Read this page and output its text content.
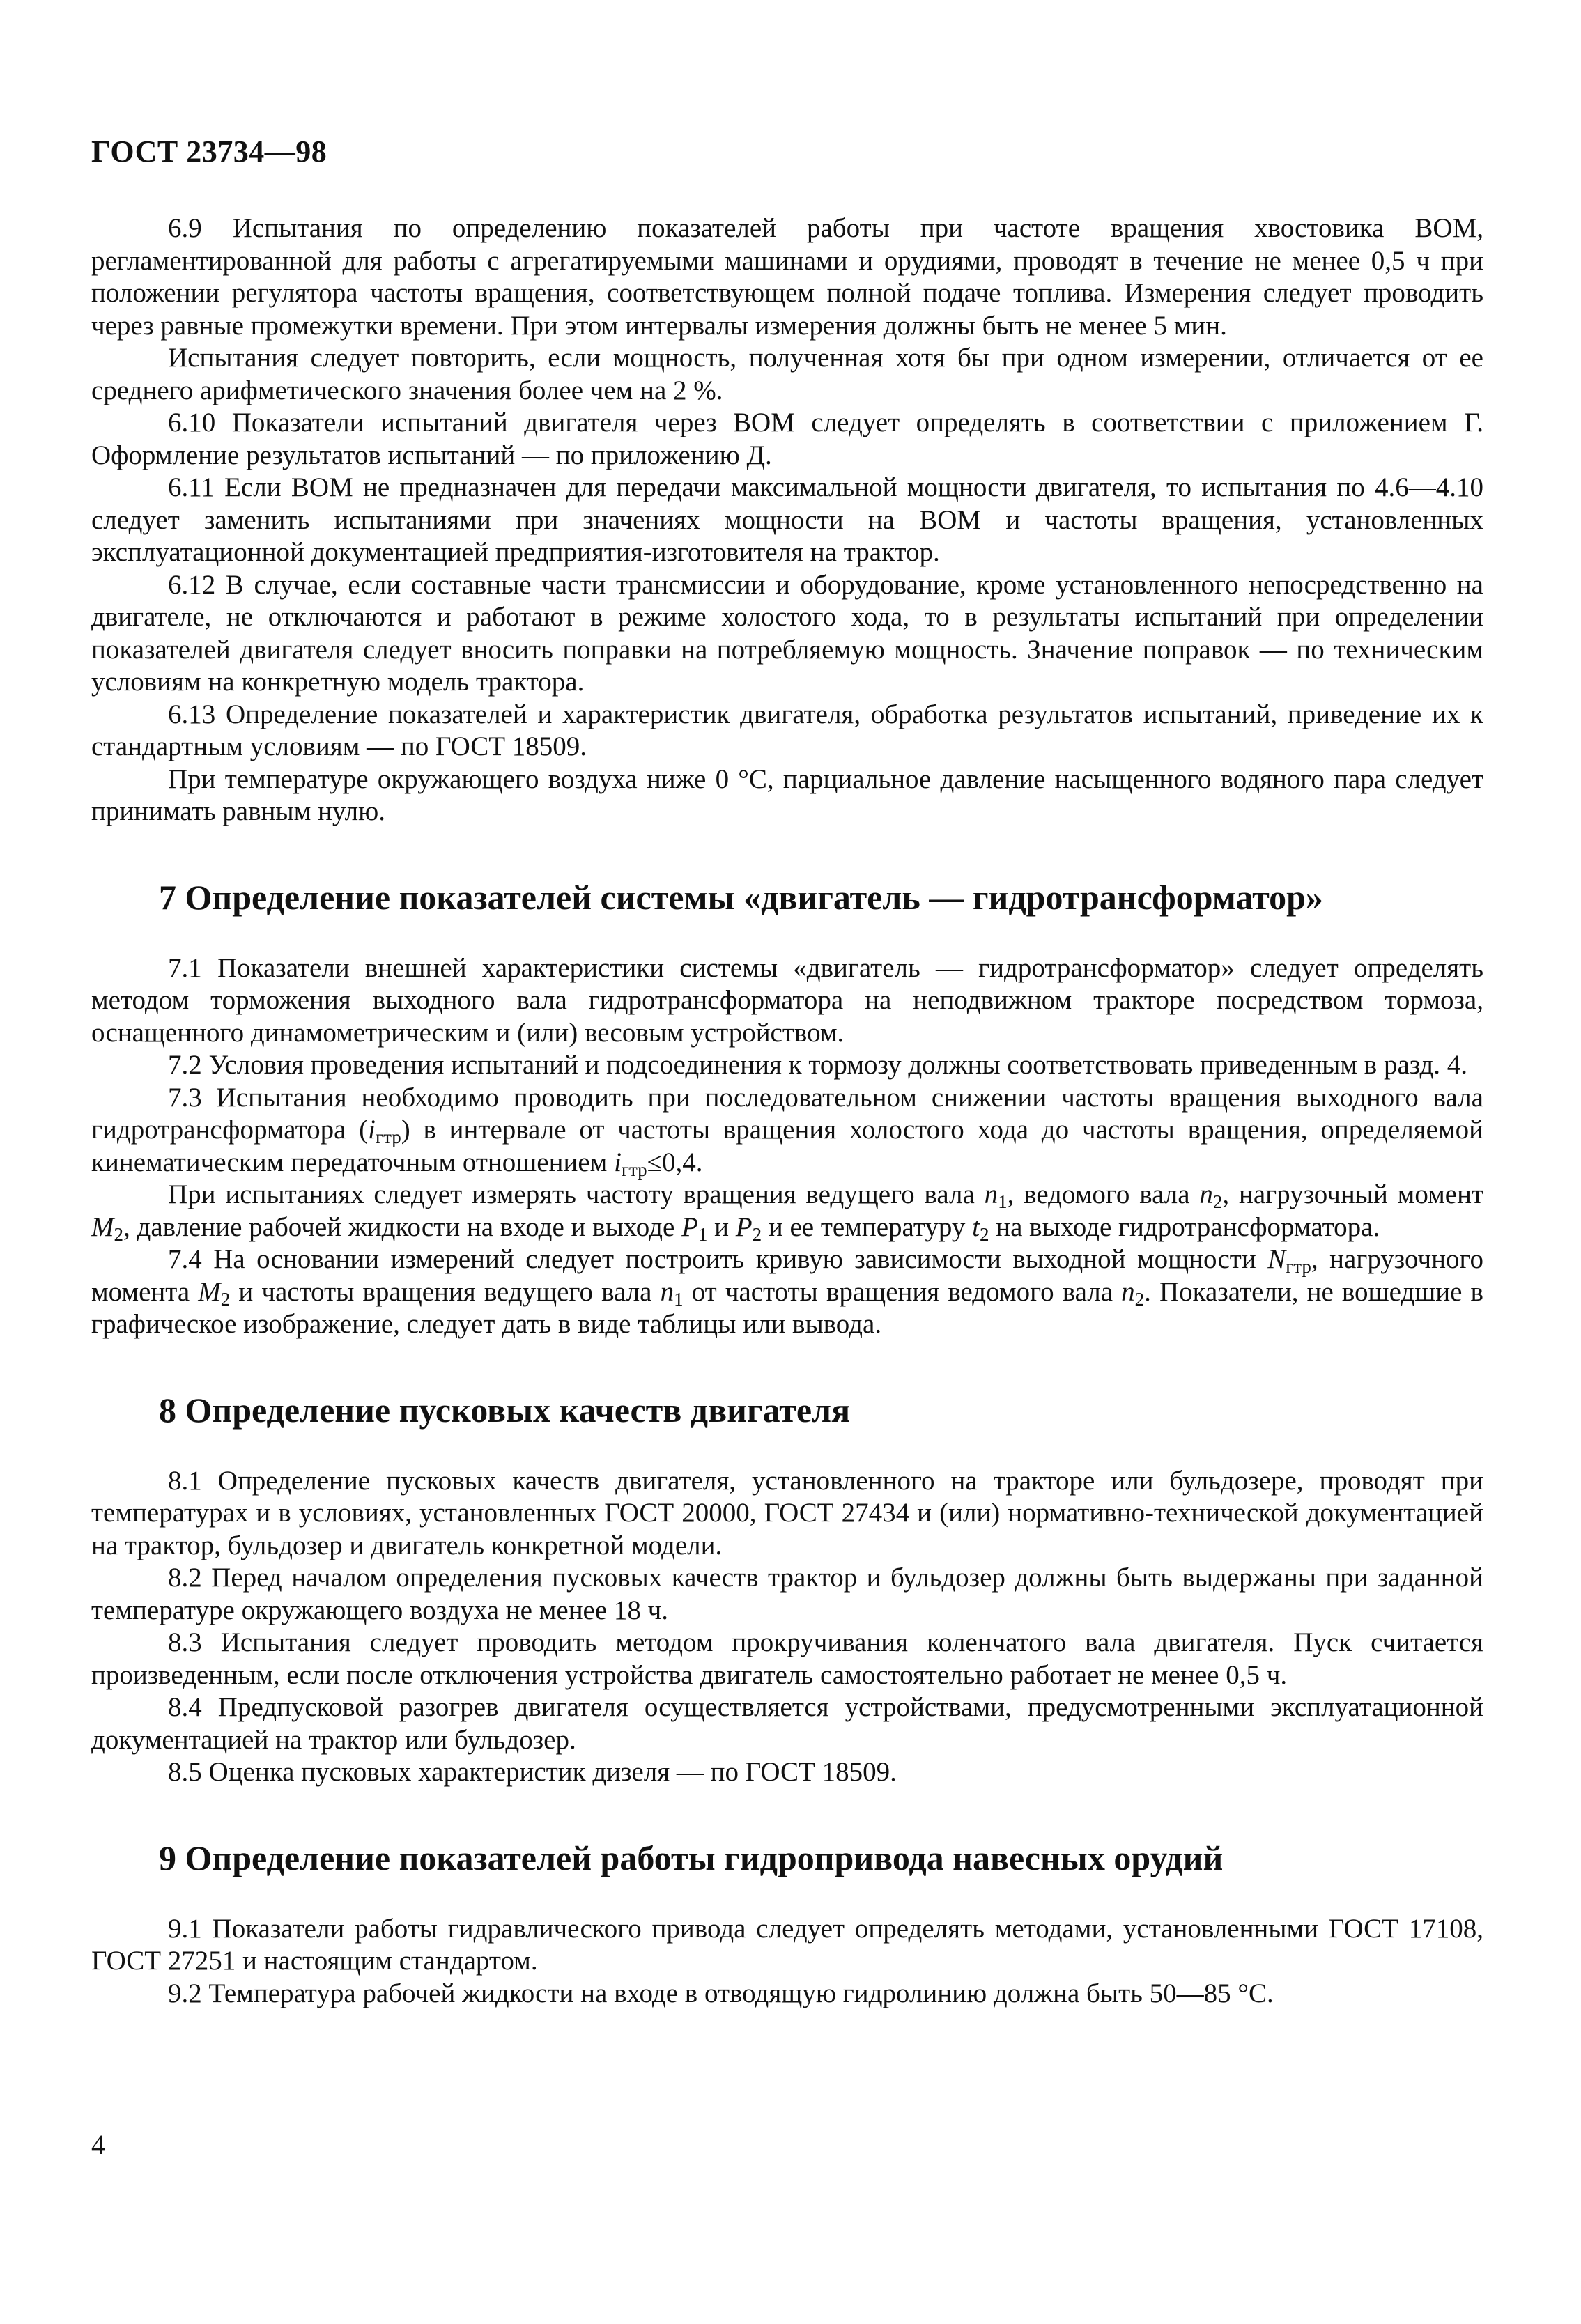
ГОСТ 23734—98

6.9 Испытания по определению показателей работы при частоте вращения хвостовика ВОМ, регламентированной для работы с агрегатируемыми машинами и орудиями, проводят в течение не менее 0,5 ч при положении регулятора частоты вращения, соответствующем полной подаче топлива. Измерения следует проводить через равные промежутки времени. При этом интервалы измерения должны быть не менее 5 мин.

Испытания следует повторить, если мощность, полученная хотя бы при одном измерении, отличается от ее среднего арифметического значения более чем на 2 %.

6.10 Показатели испытаний двигателя через ВОМ следует определять в соответствии с приложением Г. Оформление результатов испытаний — по приложению Д.

6.11 Если ВОМ не предназначен для передачи максимальной мощности двигателя, то испытания по 4.6—4.10 следует заменить испытаниями при значениях мощности на ВОМ и частоты вращения, установленных эксплуатационной документацией предприятия-изготовителя на трактор.

6.12 В случае, если составные части трансмиссии и оборудование, кроме установленного непосредственно на двигателе, не отключаются и работают в режиме холостого хода, то в результаты испытаний при определении показателей двигателя следует вносить поправки на потребляемую мощность. Значение поправок — по техническим условиям на конкретную модель трактора.

6.13 Определение показателей и характеристик двигателя, обработка результатов испытаний, приведение их к стандартным условиям — по ГОСТ 18509.

При температуре окружающего воздуха ниже 0 °С, парциальное давление насыщенного водяного пара следует принимать равным нулю.

7 Определение показателей системы «двигатель — гидротрансформатор»

7.1 Показатели внешней характеристики системы «двигатель — гидротрансформатор» следует определять методом торможения выходного вала гидротрансформатора на неподвижном тракторе посредством тормоза, оснащенного динамометрическим и (или) весовым устройством.

7.2 Условия проведения испытаний и подсоединения к тормозу должны соответствовать приведенным в разд. 4.

7.3 Испытания необходимо проводить при последовательном снижении частоты вращения выходного вала гидротрансформатора $(i_{гтр})$ в интервале от частоты вращения холостого хода до частоты вращения, определяемой кинематическим передаточным отношением $i_{гтр}\le 0,4$.

При испытаниях следует измерять частоту вращения ведущего вала $n_1$, ведомого вала $n_2$, нагрузочный момент $M_2$, давление рабочей жидкости на входе и выходе $P_1$ и $P_2$ и ее температуру $t_2$ на выходе гидротрансформатора.

7.4 На основании измерений следует построить кривую зависимости выходной мощности $N_{гтр}$, нагрузочного момента $M_2$ и частоты вращения ведущего вала $n_1$ от частоты вращения ведомого вала $n_2$. Показатели, не вошедшие в графическое изображение, следует дать в виде таблицы или вывода.

8 Определение пусковых качеств двигателя

8.1 Определение пусковых качеств двигателя, установленного на тракторе или бульдозере, проводят при температурах и в условиях, установленных ГОСТ 20000, ГОСТ 27434 и (или) нормативно-технической документацией на трактор, бульдозер и двигатель конкретной модели.

8.2 Перед началом определения пусковых качеств трактор и бульдозер должны быть выдержаны при заданной температуре окружающего воздуха не менее 18 ч.

8.3 Испытания следует проводить методом прокручивания коленчатого вала двигателя. Пуск считается произведенным, если после отключения устройства двигатель самостоятельно работает не менее 0,5 ч.

8.4 Предпусковой разогрев двигателя осуществляется устройствами, предусмотренными эксплуатационной документацией на трактор или бульдозер.

8.5 Оценка пусковых характеристик дизеля — по ГОСТ 18509.

9 Определение показателей работы гидропривода навесных орудий

9.1 Показатели работы гидравлического привода следует определять методами, установленными ГОСТ 17108, ГОСТ 27251 и настоящим стандартом.

9.2 Температура рабочей жидкости на входе в отводящую гидролинию должна быть 50—85 °С.

4
